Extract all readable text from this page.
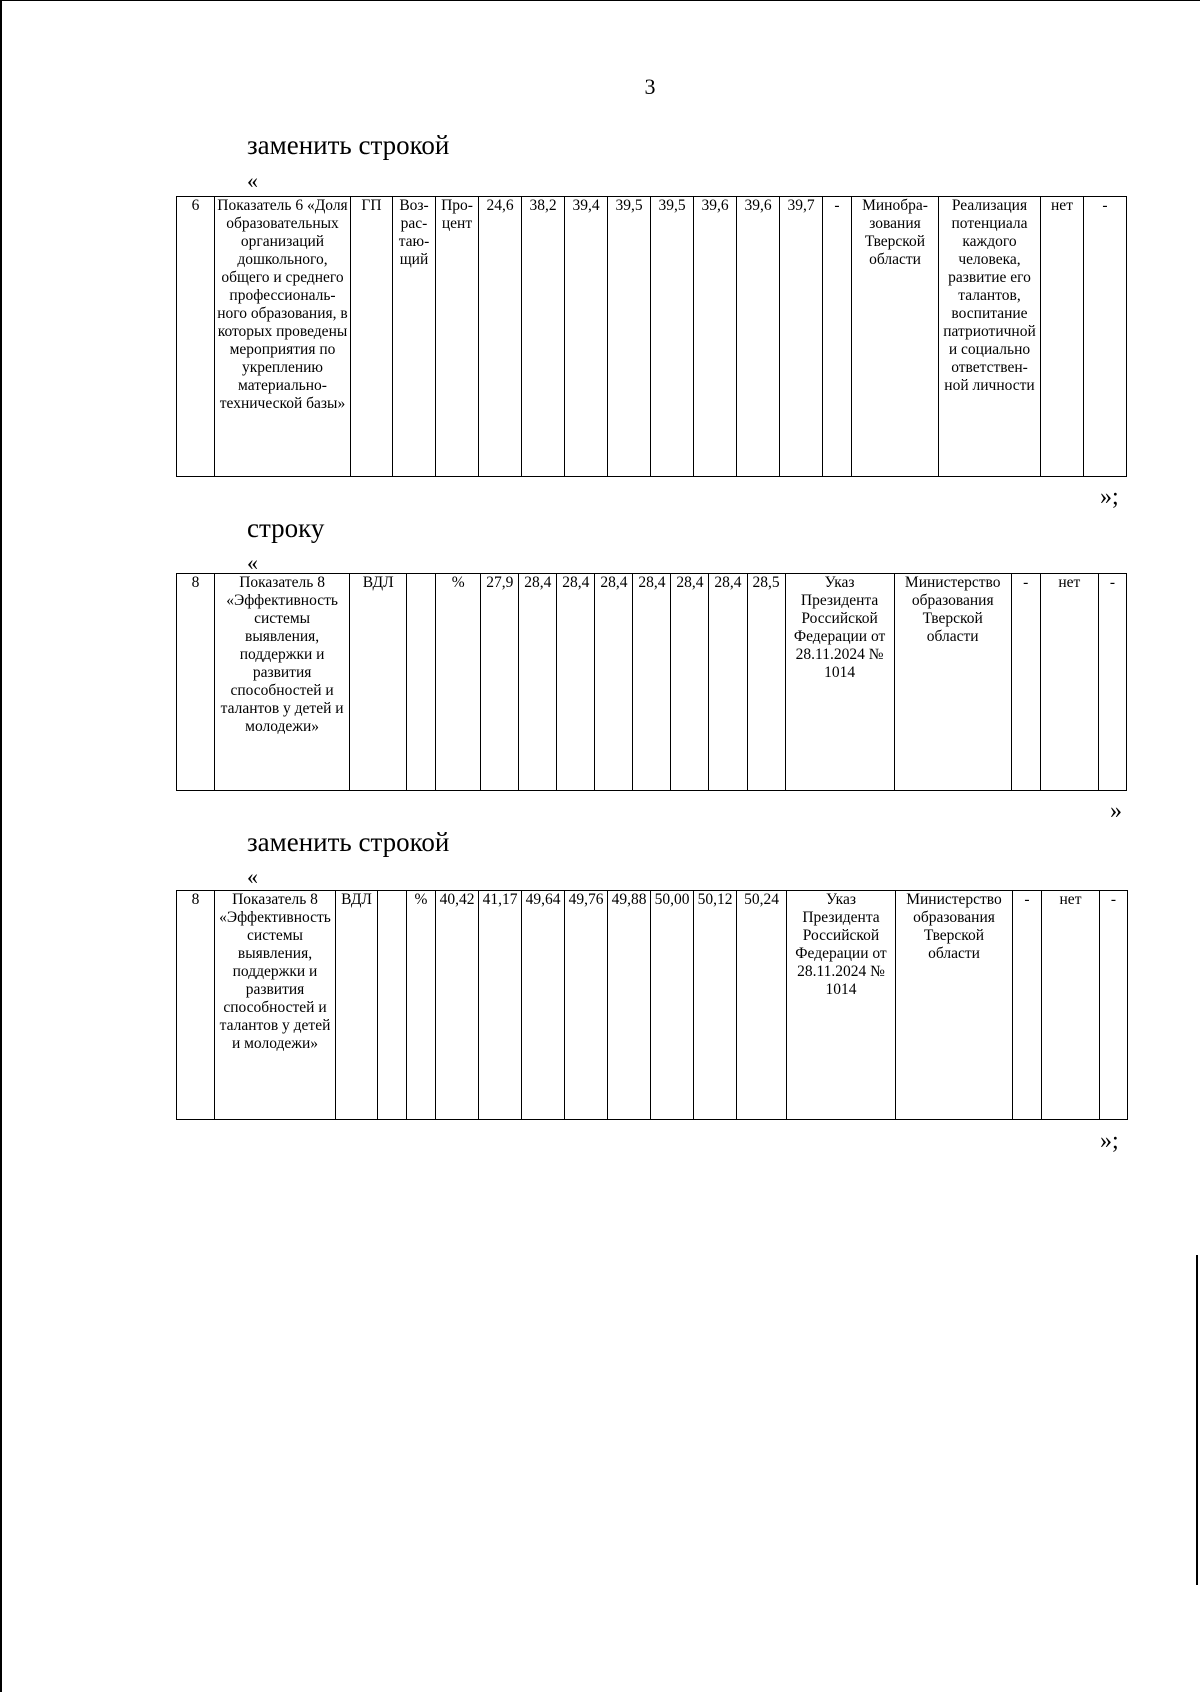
3
заменить строкой
«
6	Показатель 6 «Доля образовательных организаций дошкольного, общего и среднего профессиональ-ного образования, в которых проведены мероприятия по укреплению материально-технической базы»	ГП	Воз-рас-таю-щий	Про-цент	24,6	38,2	39,4	39,5	39,5	39,6	39,6	39,7	-	Минобра-зования Тверской области	Реализация потенциала каждого человека, развитие его талантов, воспитание патриотичной и социально ответствен-ной личности	нет	-
»;
строку
«
8	Показатель 8 «Эффективность системы выявления, поддержки и развития способностей и талантов у детей и молодежи»	ВДЛ		%	27,9	28,4	28,4	28,4	28,4	28,4	28,4	28,5	Указ Президента Российской Федерации от 28.11.2024 № 1014	Министерство образования Тверской области	-	нет	-
»
заменить строкой
«
8	Показатель 8 «Эффективность системы выявления, поддержки и развития способностей и талантов у детей и молодежи»	ВДЛ		%	40,42	41,17	49,64	49,76	49,88	50,00	50,12	50,24	Указ Президента Российской Федерации от 28.11.2024 № 1014	Министерство образования Тверской области	-	нет	-
»;
